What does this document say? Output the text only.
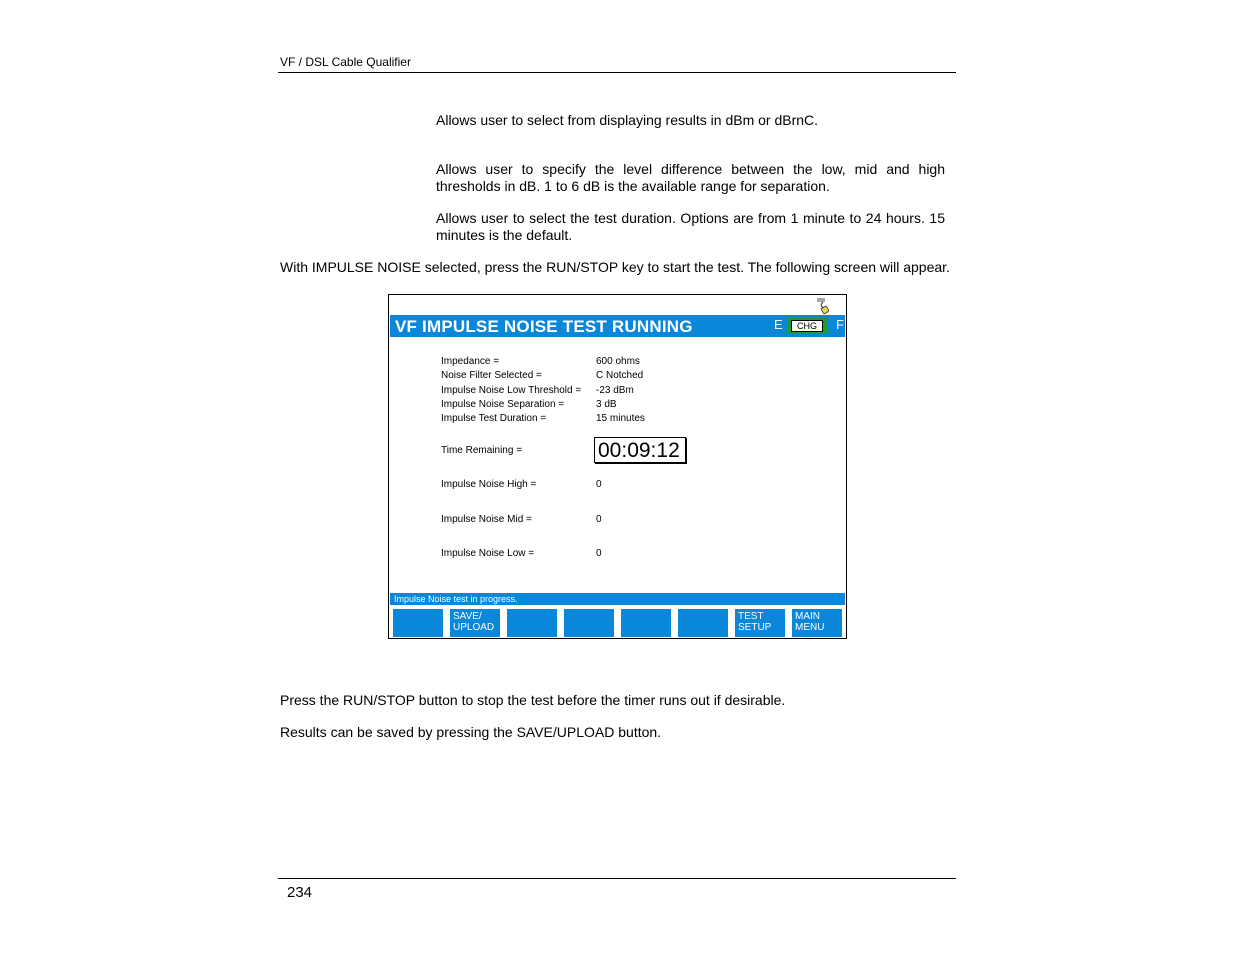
VF / DSL Cable Qualifier
Allows user to select from displaying results in dBm or dBrnC.
Allows user to specify the level difference between the low, mid and high thresholds in dB. 1 to 6 dB is the available range for separation.
Allows user to select the test duration. Options are from 1 minute to 24 hours. 15 minutes is the default.
With IMPULSE NOISE selected, press the RUN/STOP key to start the test. The following screen will appear.
VF IMPULSE NOISE TEST RUNNING	E	CHG	F
Impedance =	600 ohms
Noise Filter Selected =	C Notched
Impulse Noise Low Threshold = -23 dBm
Impulse Noise Separation =	3 dB
Impulse Test Duration =	15 minutes
Time Remaining =	00:09:12
Impulse Noise High =	0
Impulse Noise Mid =	0
Impulse Noise Low =	0
Impulse Noise test in progress.
SAVE/
UPLOAD
TEST
SETUP
MAIN
MENU
Press the RUN/STOP button to stop the test before the timer runs out if desirable.
Results can be saved by pressing the SAVE/UPLOAD button.
234
